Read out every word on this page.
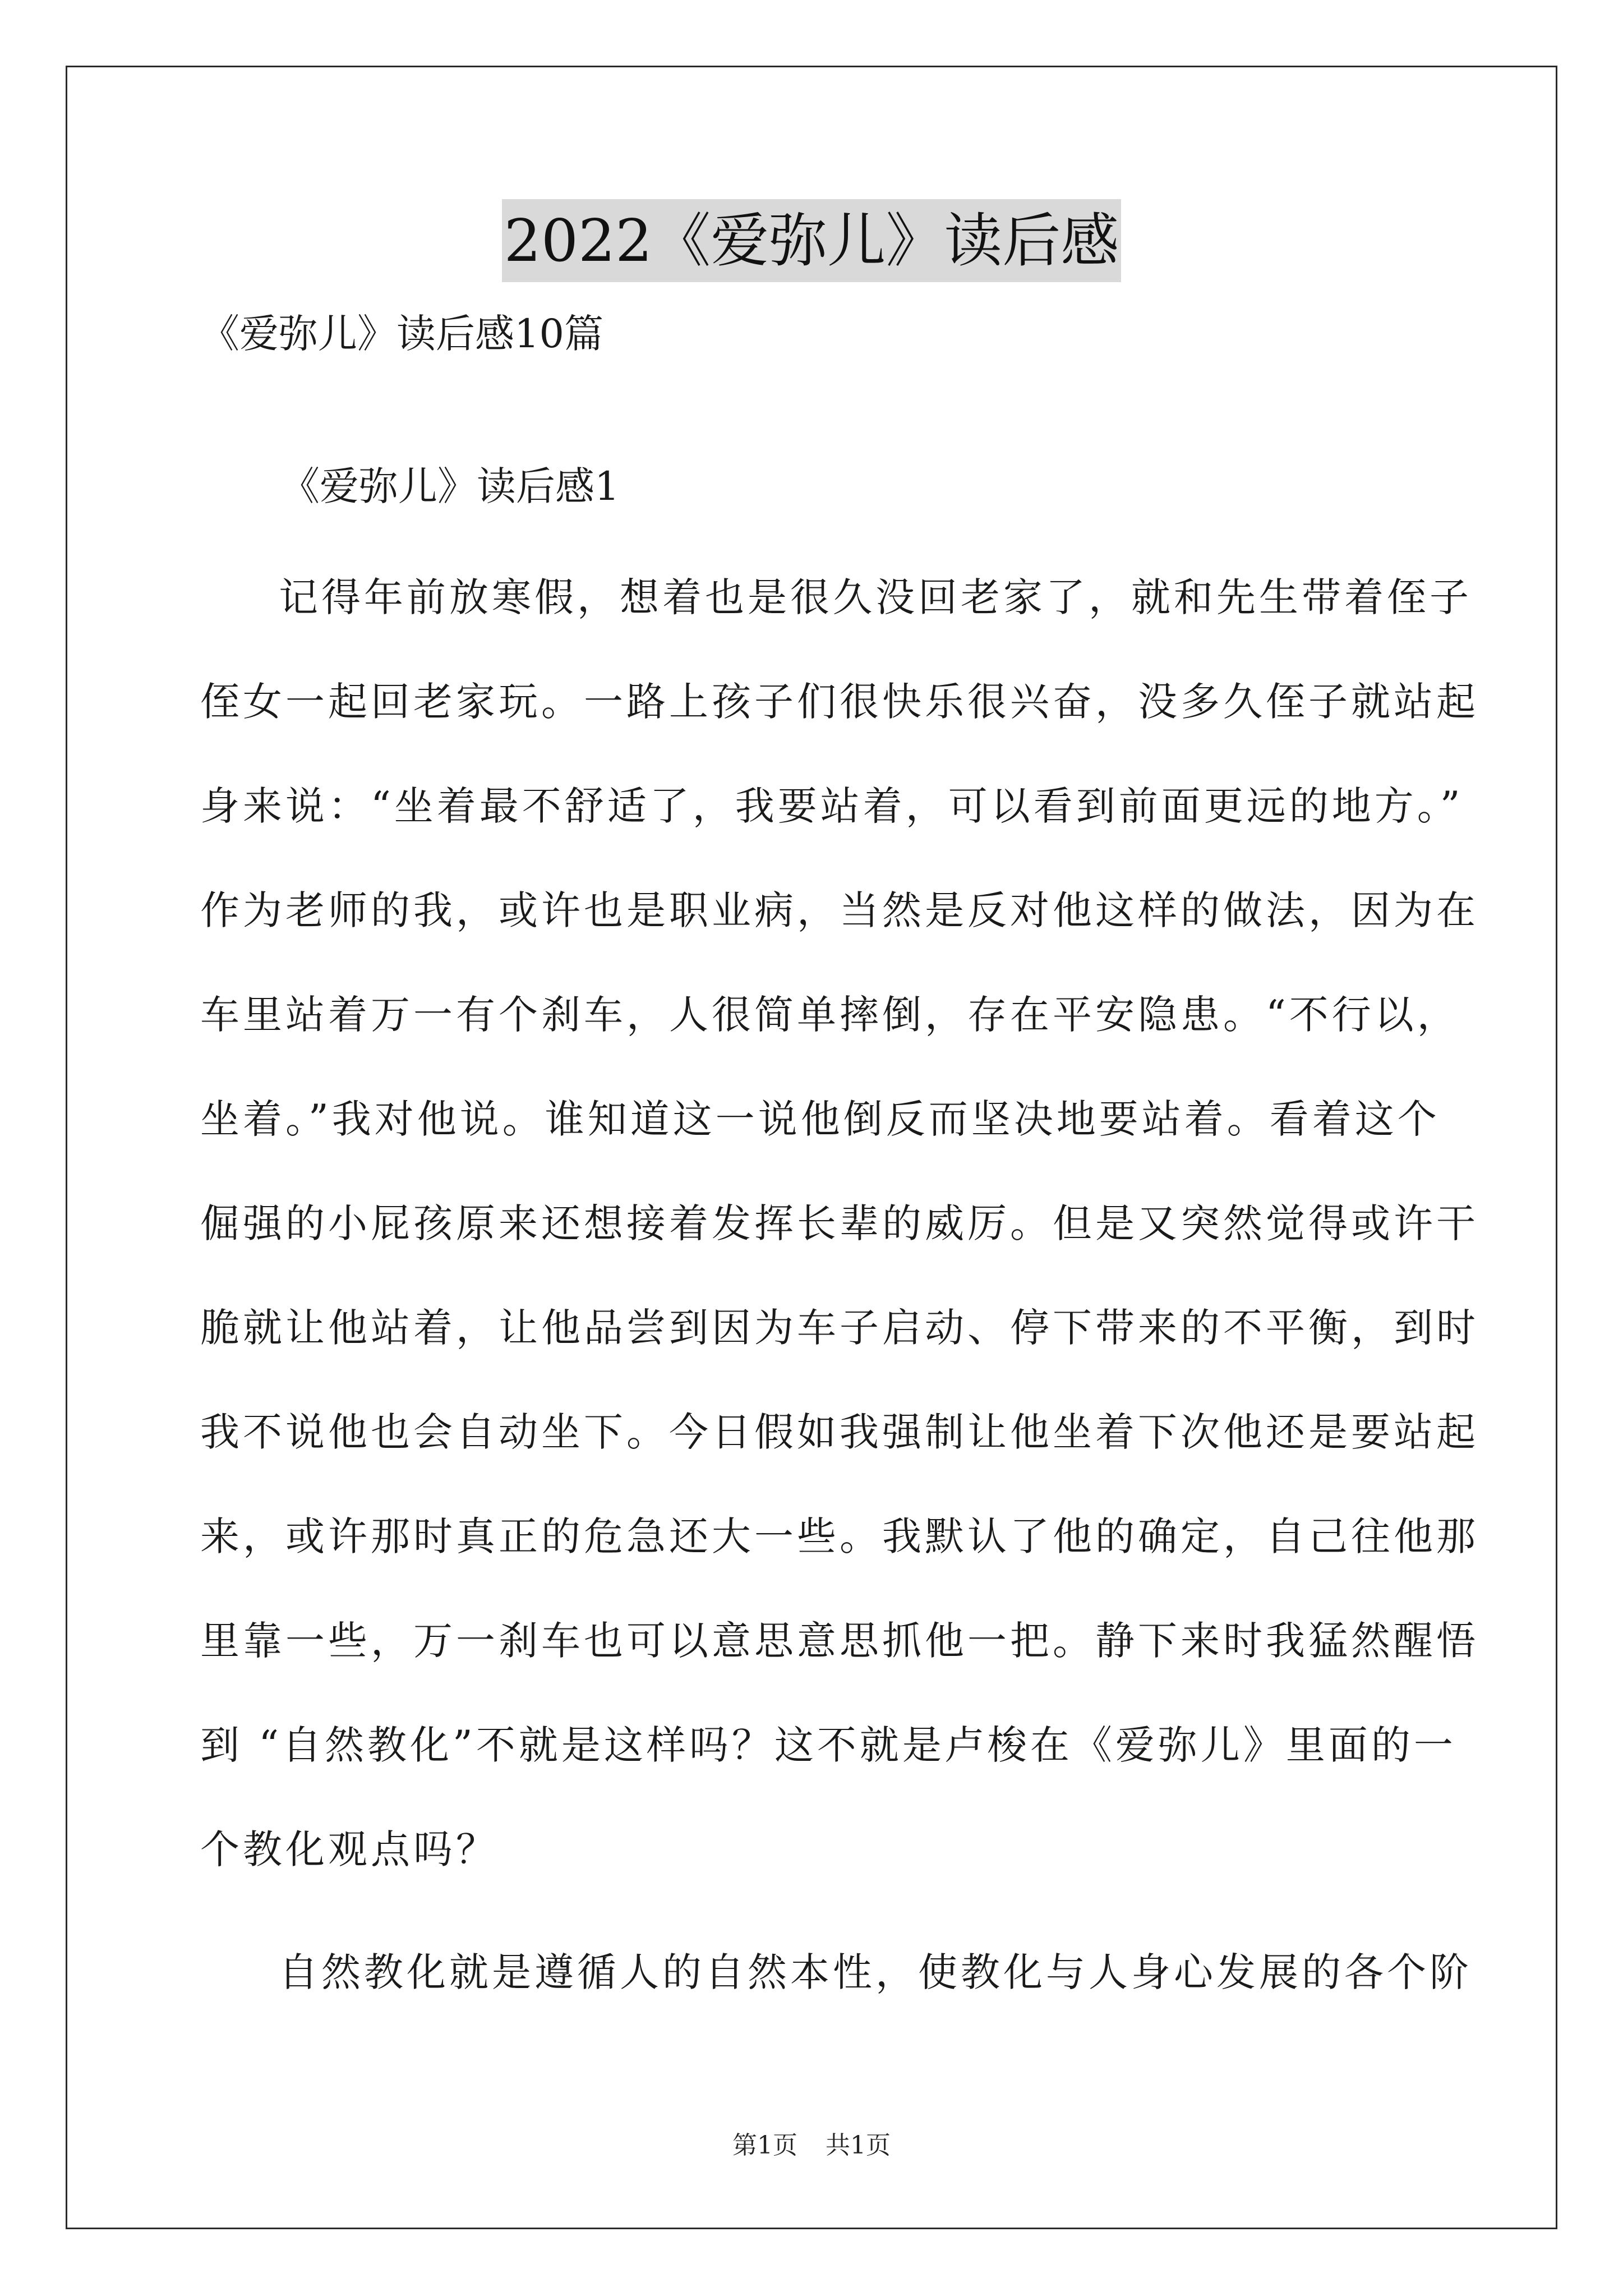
2022《爱弥儿》读后感
《爱弥儿》读后感10篇
《爱弥儿》读后感1
记得年前放寒假，想着也是很久没回老家了，就和先生带着侄子
侄女一起回老家玩。一路上孩子们很快乐很兴奋，没多久侄子就站起
身来说：“坐着最不舒适了，我要站着，可以看到前面更远的地方。”
作为老师的我，或许也是职业病，当然是反对他这样的做法，因为在
车里站着万一有个刹车，人很简单摔倒，存在平安隐患。“不行以，
坐着。”我对他说。谁知道这一说他倒反而坚决地要站着。看着这个
倔强的小屁孩原来还想接着发挥长辈的威厉。但是又突然觉得或许干
脆就让他站着，让他品尝到因为车子启动、停下带来的不平衡，到时
我不说他也会自动坐下。今日假如我强制让他坐着下次他还是要站起
来，或许那时真正的危急还大一些。我默认了他的确定，自己往他那
里靠一些，万一刹车也可以意思意思抓他一把。静下来时我猛然醒悟
到 “自然教化”不就是这样吗？这不就是卢梭在《爱弥儿》里面的一
个教化观点吗？
自然教化就是遵循人的自然本性，使教化与人身心发展的各个阶
第1页 共1页
